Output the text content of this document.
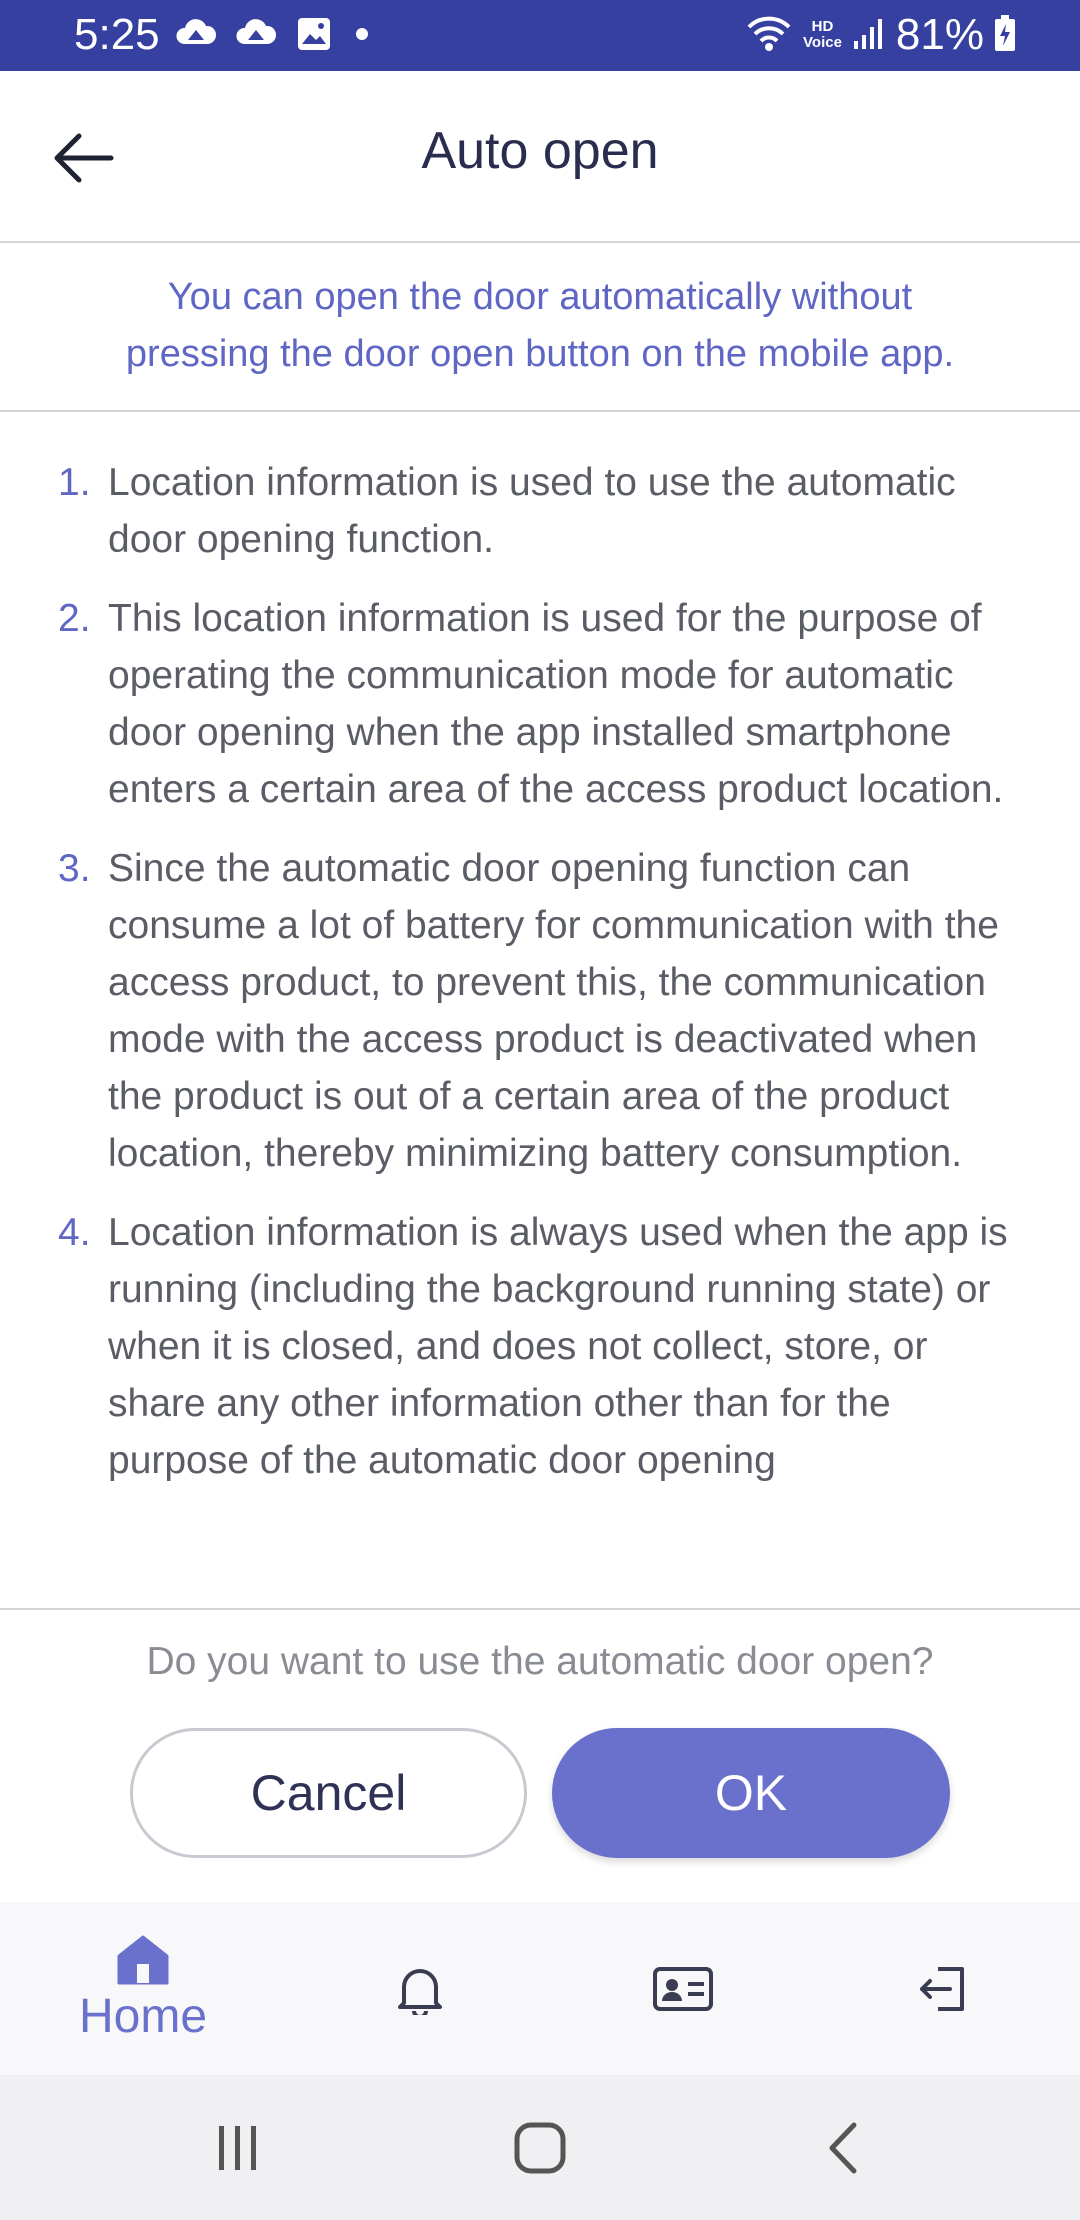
5:25	HD
Voice 81%
Auto open
You can open the door automatically without pressing the door open button on the mobile app.
1. Location information is used to use the automatic door opening function.
2. This location information is used for the purpose of operating the communication mode for automatic door opening when the app installed smartphone enters a certain area of the access product location.
3. Since the automatic door opening function can consume a lot of battery for communication with the access product, to prevent this, the communication mode with the access product is deactivated when the product is out of a certain area of the product location, thereby minimizing battery consumption.
4. Location information is always used when the app is running (including the background running state) or when it is closed, and does not collect, store, or share any other information other than for the purpose of the automatic door opening
Do you want to use the automatic door open?
Cancel	OK
Home
